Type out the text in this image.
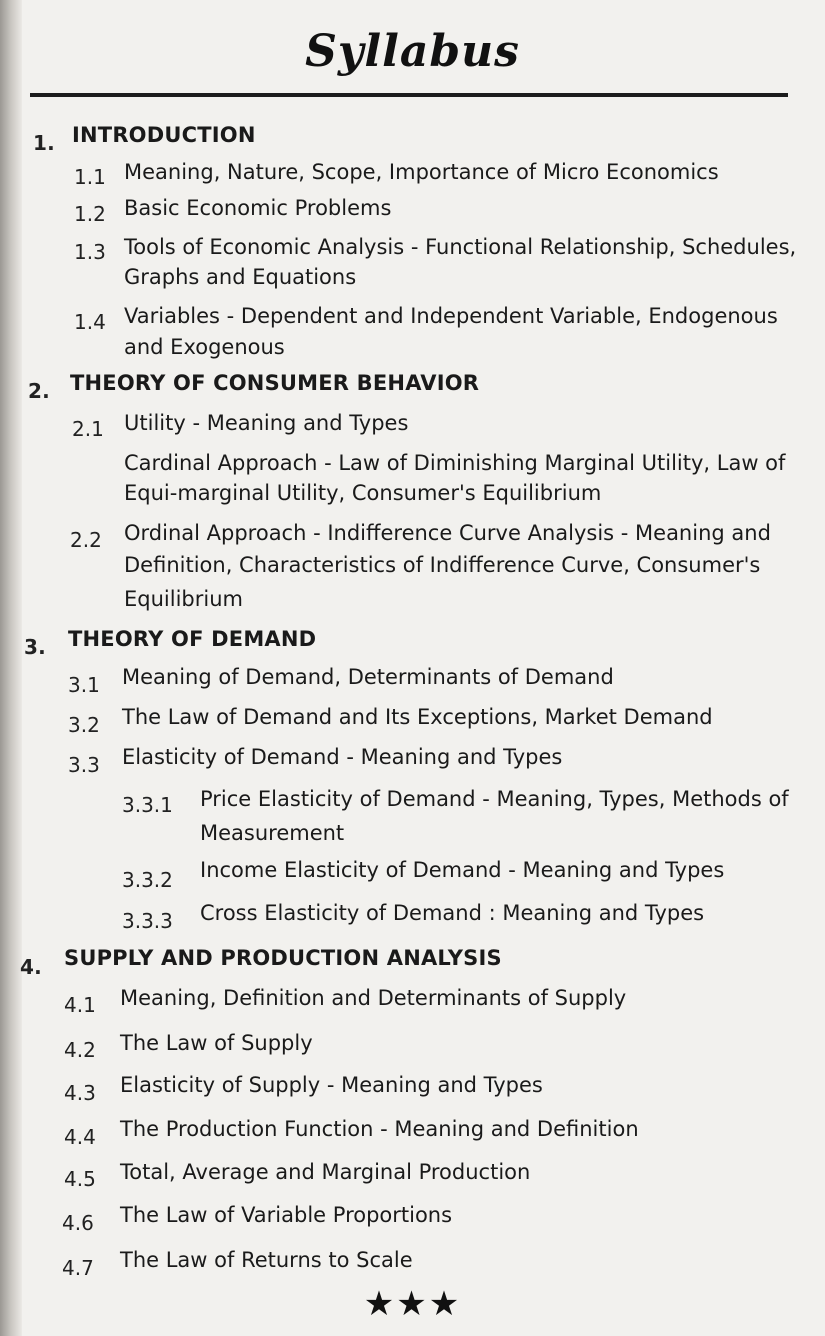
Syllabus
1. INTRODUCTION
1.1 Meaning, Nature, Scope, Importance of Micro Economics
1.2 Basic Economic Problems
1.3 Tools of Economic Analysis - Functional Relationship, Schedules,
Graphs and Equations
1.4 Variables - Dependent and Independent Variable, Endogenous
and Exogenous
2. THEORY OF CONSUMER BEHAVIOR
2.1 Utility - Meaning and Types
Cardinal Approach - Law of Diminishing Marginal Utility, Law of
Equi-marginal Utility, Consumer's Equilibrium
2.2 Ordinal Approach - Indifference Curve Analysis - Meaning and
Definition, Characteristics of Indifference Curve, Consumer's
Equilibrium
3. THEORY OF DEMAND
3.1 Meaning of Demand, Determinants of Demand
3.2 The Law of Demand and Its Exceptions, Market Demand
3.3 Elasticity of Demand - Meaning and Types
3.3.1 Price Elasticity of Demand - Meaning, Types, Methods of
Measurement
3.3.2 Income Elasticity of Demand - Meaning and Types
3.3.3 Cross Elasticity of Demand : Meaning and Types
4. SUPPLY AND PRODUCTION ANALYSIS
4.1 Meaning, Definition and Determinants of Supply
4.2 The Law of Supply
4.3 Elasticity of Supply - Meaning and Types
4.4 The Production Function - Meaning and Definition
4.5 Total, Average and Marginal Production
4.6 The Law of Variable Proportions
4.7 The Law of Returns to Scale
★★★
